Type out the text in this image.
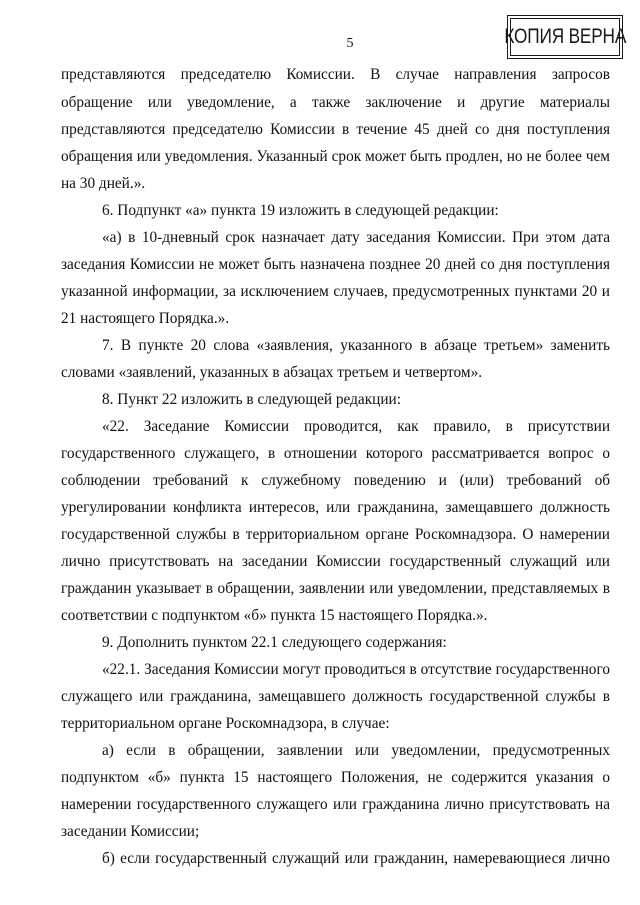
5	КОПИЯ ВЕРНА
представляются председателю Комиссии. В случае направления запросов
обращение или уведомление, а также заключение и другие материалы
представляются председателю Комиссии в течение 45 дней со дня поступления
обращения или уведомления. Указанный срок может быть продлен, но не более чем
на 30 дней.».
6. Подпункт «а» пункта 19 изложить в следующей редакции:
«а) в 10-дневный срок назначает дату заседания Комиссии. При этом дата
заседания Комиссии не может быть назначена позднее 20 дней со дня поступления
указанной информации, за исключением случаев, предусмотренных пунктами 20 и
21 настоящего Порядка.».
7. В пункте 20 слова «заявления, указанного в абзаце третьем» заменить
словами «заявлений, указанных в абзацах третьем и четвертом».
8. Пункт 22 изложить в следующей редакции:
«22. Заседание Комиссии проводится, как правило, в присутствии
государственного служащего, в отношении которого рассматривается вопрос о
соблюдении требований к служебному поведению и (или) требований об
урегулировании конфликта интересов, или гражданина, замещавшего должность
государственной службы в территориальном органе Роскомнадзора. О намерении
лично присутствовать на заседании Комиссии государственный служащий или
гражданин указывает в обращении, заявлении или уведомлении, представляемых в
соответствии с подпунктом «б» пункта 15 настоящего Порядка.».
9. Дополнить пунктом 22.1 следующего содержания:
«22.1. Заседания Комиссии могут проводиться в отсутствие государственного
служащего или гражданина, замещавшего должность государственной службы в
территориальном органе Роскомнадзора, в случае:
а) если в обращении, заявлении или уведомлении, предусмотренных
подпунктом «б» пункта 15 настоящего Положения, не содержится указания о
намерении государственного служащего или гражданина лично присутствовать на
заседании Комиссии;
б) если государственный служащий или гражданин, намеревающиеся лично
